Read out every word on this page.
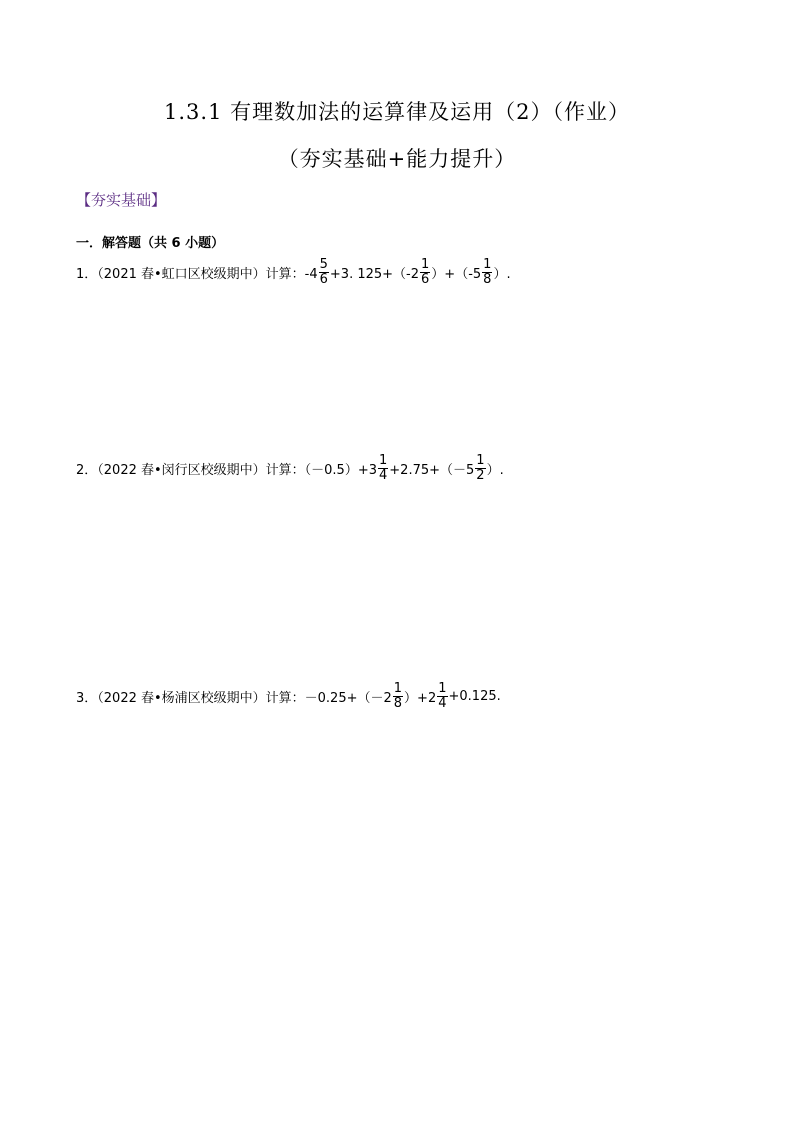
1.3.1 有理数加法的运算律及运用（2）（作业）
（夯实基础+能力提升）
【夯实基础】
一．解答题（共 6 小题）
1．（2021 春•虹口区校级期中）计算：$-4 \frac{5}{6} +3$. $125+(-2 \frac{1}{6} )+(-5 \frac{1}{8}$ ）.
2．（2022 春•闵行区校级期中）计算：$(-0.5)+3 \frac{1}{4} +2.75+(-5 \frac{1}{2}$ ）.
3．（2022 春•杨浦区校级期中）计算：$-0.25+(-2 \frac{1}{8} )+2 \frac{1}{4} +0.125$.
